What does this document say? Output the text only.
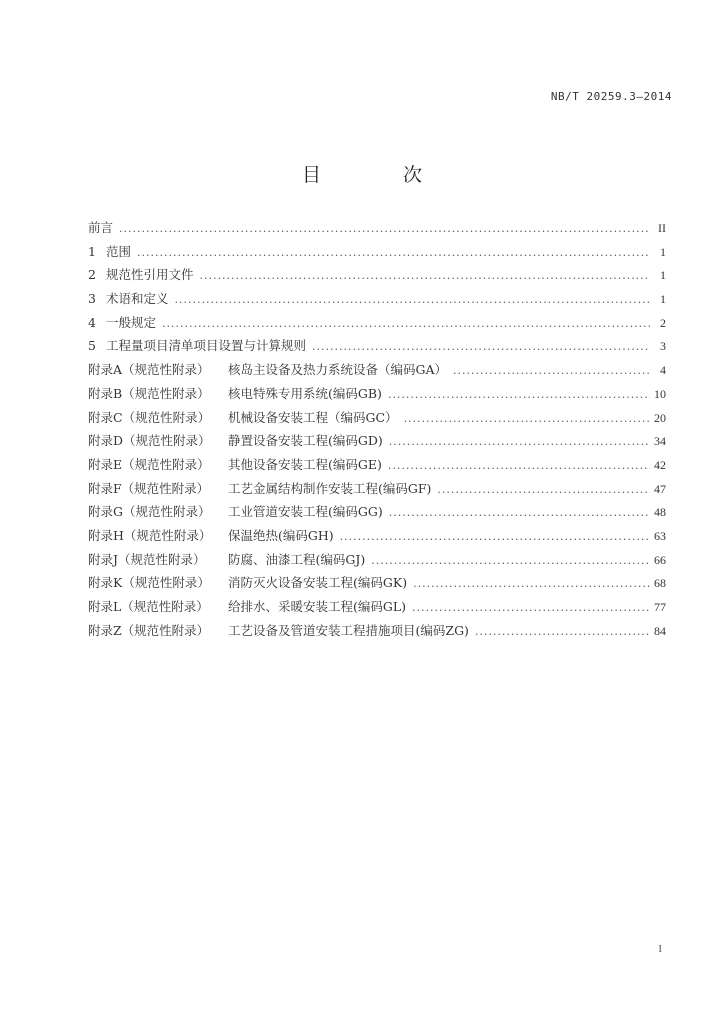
NB/T 20259.3—2014
目 次
前言 .....	II
1 范围 .....	1
2 规范性引用文件 .....	1
3 术语和定义 .....	1
4 一般规定 .....	2
5 工程量项目清单项目设置与计算规则 .....	3
附录A（规范性附录）	核岛主设备及热力系统设备（编码GA） .....	4
附录B（规范性附录）	核电特殊专用系统(编码GB) .....	10
附录C（规范性附录）	机械设备安装工程（编码GC） .....	20
附录D（规范性附录）	静置设备安装工程(编码GD) .....	34
附录E（规范性附录）	其他设备安装工程(编码GE) .....	42
附录F（规范性附录）	工艺金属结构制作安装工程(编码GF) .....	47
附录G（规范性附录）	工业管道安装工程(编码GG) .....	48
附录H（规范性附录）	保温绝热(编码GH) .....	63
附录J（规范性附录）	防腐、油漆工程(编码GJ) .....	66
附录K（规范性附录）	消防灭火设备安装工程(编码GK) .....	68
附录L（规范性附录）	给排水、采暖安装工程(编码GL) .....	77
附录Z（规范性附录）	工艺设备及管道安装工程措施项目(编码ZG) .....	84
I
